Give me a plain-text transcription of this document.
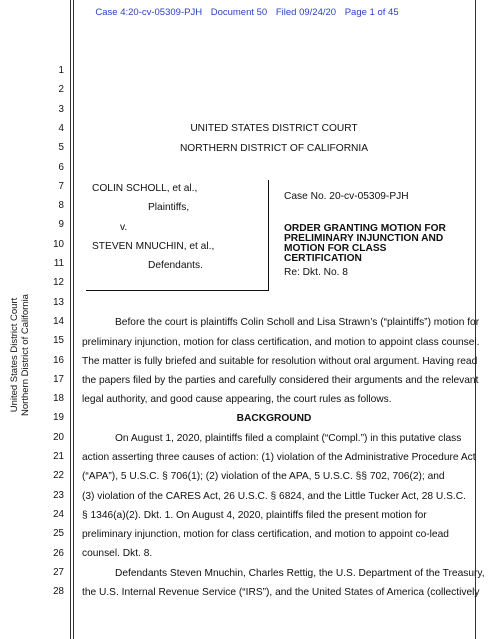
Case 4:20-cv-05309-PJH Document 50 Filed 09/24/20 Page 1 of 45
United States District Court Northern District of California
1
2
3
4
5
6
7
8
9
10
11
12
13
14
15
16
17
18
19
20
21
22
23
24
25
26
27
28
UNITED STATES DISTRICT COURT
NORTHERN DISTRICT OF CALIFORNIA
COLIN SCHOLL, et al.,
Plaintiffs,
v.
STEVEN MNUCHIN, et al.,
Defendants.
Case No. 20-cv-05309-PJH
ORDER GRANTING MOTION FOR
PRELIMINARY INJUNCTION AND
MOTION FOR CLASS
CERTIFICATION
Re: Dkt. No. 8
Before the court is plaintiffs Colin Scholl and Lisa Strawn’s (“plaintiffs”) motion for
preliminary injunction, motion for class certification, and motion to appoint class counsel.
The matter is fully briefed and suitable for resolution without oral argument. Having read
the papers filed by the parties and carefully considered their arguments and the relevant
legal authority, and good cause appearing, the court rules as follows.
BACKGROUND
On August 1, 2020, plaintiffs filed a complaint (“Compl.”) in this putative class
action asserting three causes of action: (1) violation of the Administrative Procedure Act
(“APA”), 5 U.S.C. § 706(1); (2) violation of the APA, 5 U.S.C. §§ 702, 706(2); and
(3) violation of the CARES Act, 26 U.S.C. § 6824, and the Little Tucker Act, 28 U.S.C.
§ 1346(a)(2). Dkt. 1. On August 4, 2020, plaintiffs filed the present motion for
preliminary injunction, motion for class certification, and motion to appoint co-lead
counsel. Dkt. 8.
Defendants Steven Mnuchin, Charles Rettig, the U.S. Department of the Treasury,
the U.S. Internal Revenue Service (“IRS”), and the United States of America (collectively
